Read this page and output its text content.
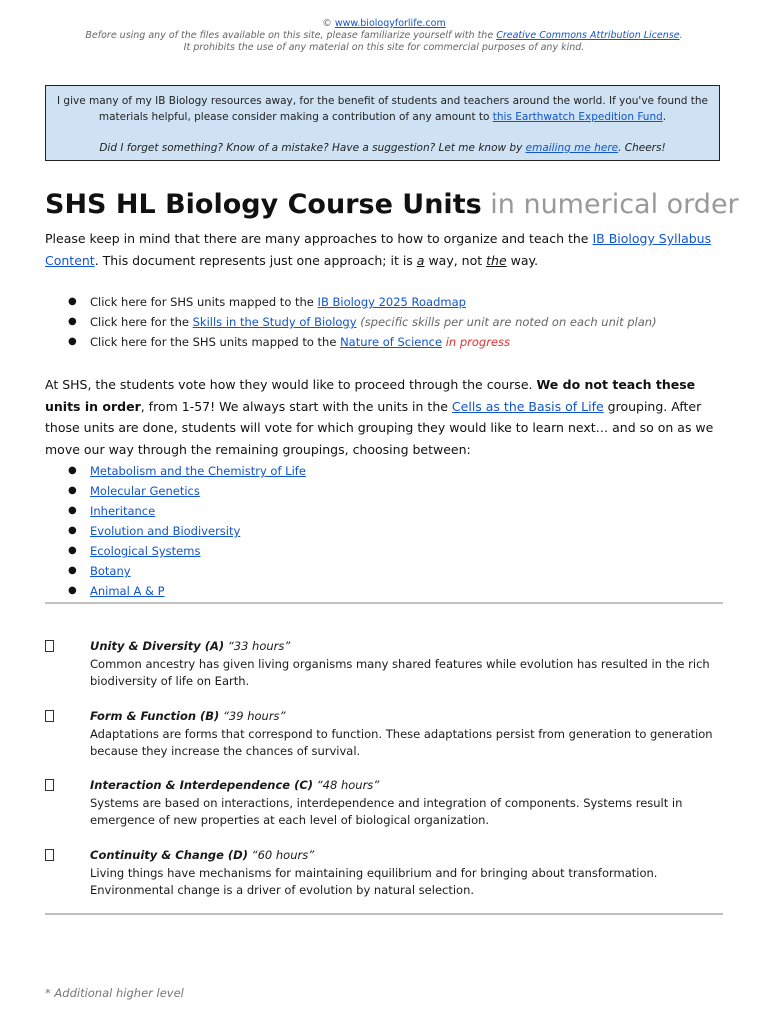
© www.biologyforlife.com
Before using any of the files available on this site, please familiarize yourself with the Creative Commons Attribution License.
It prohibits the use of any material on this site for commercial purposes of any kind.
I give many of my IB Biology resources away, for the benefit of students and teachers around the world. If you've found the materials helpful, please consider making a contribution of any amount to this Earthwatch Expedition Fund.
Did I forget something? Know of a mistake? Have a suggestion? Let me know by emailing me here. Cheers!
SHS HL Biology Course Units in numerical order
Please keep in mind that there are many approaches to how to organize and teach the IB Biology Syllabus Content. This document represents just one approach; it is a way, not the way.
● Click here for SHS units mapped to the IB Biology 2025 Roadmap
● Click here for the Skills in the Study of Biology (specific skills per unit are noted on each unit plan)
● Click here for the SHS units mapped to the Nature of Science in progress
At SHS, the students vote how they would like to proceed through the course. We do not teach these units in order, from 1-57! We always start with the units in the Cells as the Basis of Life grouping. After those units are done, students will vote for which grouping they would like to learn next… and so on as we move our way through the remaining groupings, choosing between:
● Metabolism and the Chemistry of Life
● Molecular Genetics
● Inheritance
● Evolution and Biodiversity
● Ecological Systems
● Botany
● Animal A & P
Unity & Diversity (A) “33 hours”
Common ancestry has given living organisms many shared features while evolution has resulted in the rich biodiversity of life on Earth.
Form & Function (B) “39 hours”
Adaptations are forms that correspond to function. These adaptations persist from generation to generation because they increase the chances of survival.
Interaction & Interdependence (C) “48 hours”
Systems are based on interactions, interdependence and integration of components. Systems result in emergence of new properties at each level of biological organization.
Continuity & Change (D) “60 hours”
Living things have mechanisms for maintaining equilibrium and for bringing about transformation. Environmental change is a driver of evolution by natural selection.
* Additional higher level
